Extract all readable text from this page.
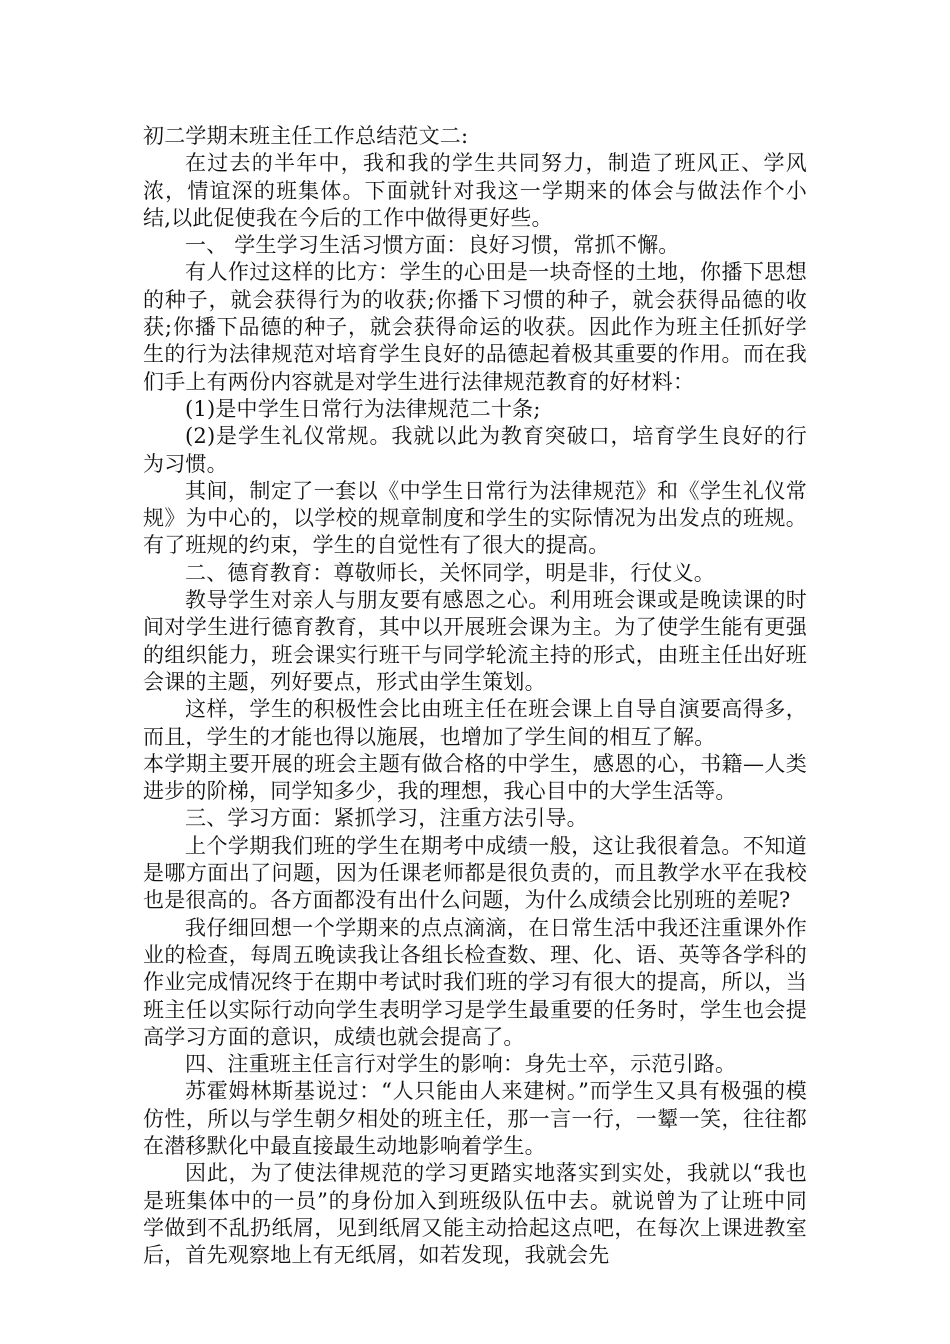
初二学期末班主任工作总结范文二:

在过去的半年中，我和我的学生共同努力，制造了班风正、学风浓，情谊深的班集体。下面就针对我这一学期来的体会与做法作个小结,以此促使我在今后的工作中做得更好些。

一、 学生学习生活习惯方面：良好习惯，常抓不懈。

有人作过这样的比方：学生的心田是一块奇怪的土地，你播下思想的种子，就会获得行为的收获;你播下习惯的种子，就会获得品德的收获;你播下品德的种子，就会获得命运的收获。因此作为班主任抓好学生的行为法律规范对培育学生良好的品德起着极其重要的作用。而在我们手上有两份内容就是对学生进行法律规范教育的好材料：

(1)是中学生日常行为法律规范二十条;

(2)是学生礼仪常规。我就以此为教育突破口，培育学生良好的行为习惯。

其间，制定了一套以《中学生日常行为法律规范》和《学生礼仪常规》为中心的，以学校的规章制度和学生的实际情况为出发点的班规。有了班规的约束，学生的自觉性有了很大的提高。

二、德育教育：尊敬师长，关怀同学，明是非，行仗义。

教导学生对亲人与朋友要有感恩之心。利用班会课或是晚读课的时间对学生进行德育教育，其中以开展班会课为主。为了使学生能有更强的组织能力，班会课实行班干与同学轮流主持的形式，由班主任出好班会课的主题，列好要点，形式由学生策划。

这样，学生的积极性会比由班主任在班会课上自导自演要高得多，而且，学生的才能也得以施展，也增加了学生间的相互了解。

本学期主要开展的班会主题有做合格的中学生，感恩的心，书籍—人类进步的阶梯，同学知多少，我的理想，我心目中的大学生活等。

三、学习方面：紧抓学习，注重方法引导。

上个学期我们班的学生在期考中成绩一般，这让我很着急。不知道是哪方面出了问题，因为任课老师都是很负责的，而且教学水平在我校也是很高的。各方面都没有出什么问题，为什么成绩会比别班的差呢?

我仔细回想一个学期来的点点滴滴，在日常生活中我还注重课外作业的检查，每周五晚读我让各组长检查数、理、化、语、英等各学科的作业完成情况终于在期中考试时我们班的学习有很大的提高，所以，当班主任以实际行动向学生表明学习是学生最重要的任务时，学生也会提高学习方面的意识，成绩也就会提高了。

四、注重班主任言行对学生的影响：身先士卒，示范引路。

苏霍姆林斯基说过：“人只能由人来建树。”而学生又具有极强的模仿性，所以与学生朝夕相处的班主任，那一言一行，一颦一笑，往往都在潜移默化中最直接最生动地影响着学生。

因此，为了使法律规范的学习更踏实地落实到实处，我就以“我也是班集体中的一员”的身份加入到班级队伍中去。就说曾为了让班中同学做到不乱扔纸屑，见到纸屑又能主动拾起这点吧，在每次上课进教室后，首先观察地上有无纸屑，如若发现，我就会先
